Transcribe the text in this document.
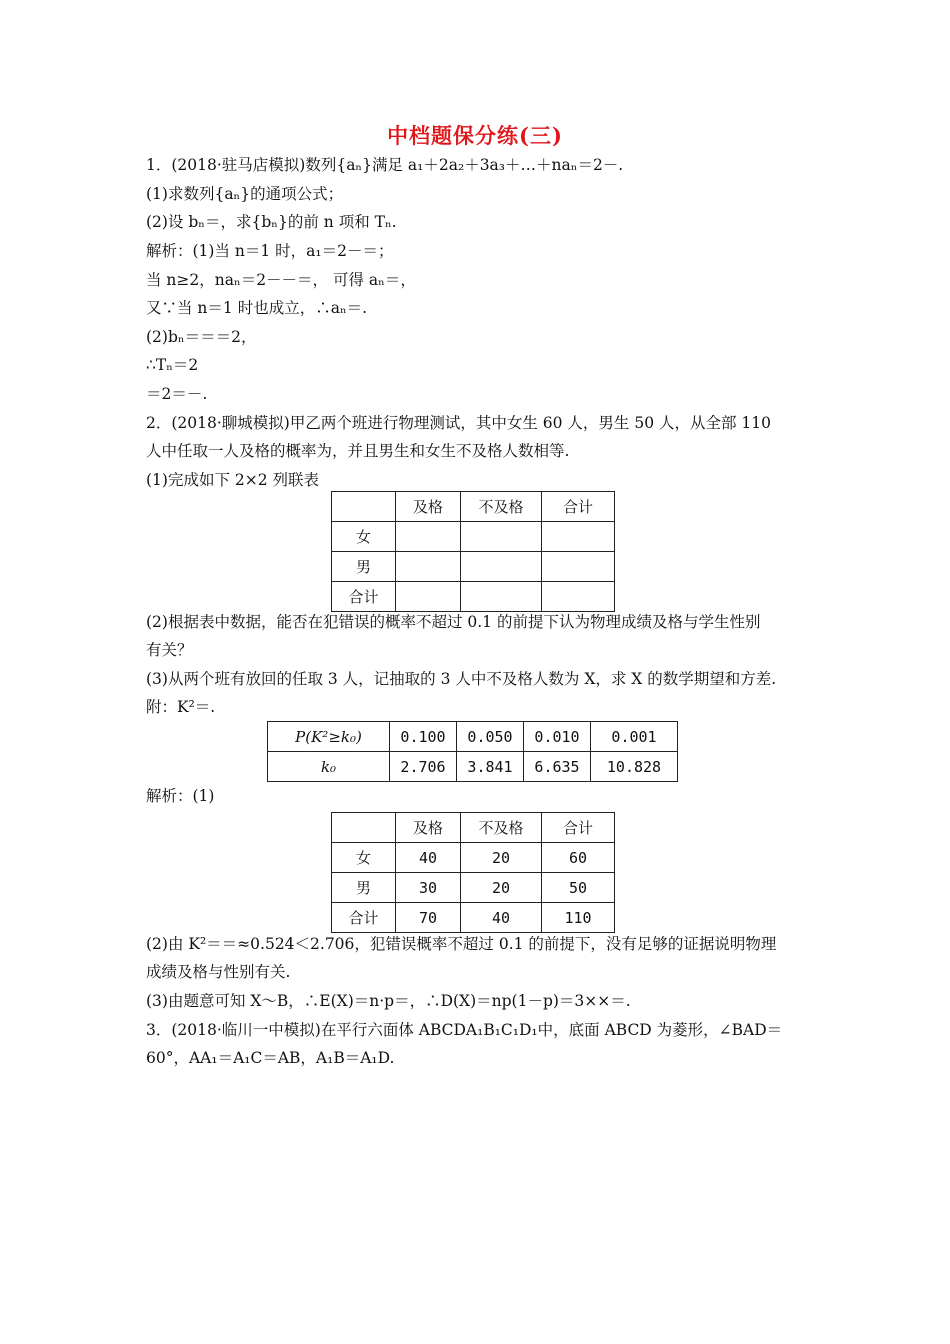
中档题保分练(三)
1．(2018·驻马店模拟)数列{aₙ}满足 a₁＋2a₂＋3a₃＋…＋naₙ＝2－.
(1)求数列{aₙ}的通项公式；
(2)设 bₙ＝，求{bₙ}的前 n 项和 Tₙ.
解析：(1)当 n＝1 时，a₁＝2－＝；
当 n≥2，naₙ＝2－－＝， 可得 aₙ＝，
又∵当 n＝1 时也成立，∴aₙ＝.
(2)bₙ＝＝＝2，
∴Tₙ＝2
＝2＝－.
2．(2018·聊城模拟)甲乙两个班进行物理测试，其中女生 60 人，男生 50 人，从全部 110
人中任取一人及格的概率为，并且男生和女生不及格人数相等.
(1)完成如下 2×2 列联表
	及格	不及格	合计
女			
男			
合计			
(2)根据表中数据，能否在犯错误的概率不超过 0.1 的前提下认为物理成绩及格与学生性别
有关？
(3)从两个班有放回的任取 3 人，记抽取的 3 人中不及格人数为 X，求 X 的数学期望和方差.
附：K²＝.
P(K²≥k₀)	0.100	0.050	0.010	0.001
k₀	2.706	3.841	6.635	10.828
解析：(1)
	及格	不及格	合计
女	40	20	60
男	30	20	50
合计	70	40	110
(2)由 K²＝＝≈0.524＜2.706，犯错误概率不超过 0.1 的前提下，没有足够的证据说明物理
成绩及格与性别有关.
(3)由题意可知 X～B，∴E(X)＝n·p＝，∴D(X)＝np(1－p)＝3××＝.
3．(2018·临川一中模拟)在平行六面体 ABCDA₁B₁C₁D₁中，底面 ABCD 为菱形，∠BAD＝
60°，AA₁＝A₁C＝AB，A₁B＝A₁D.
